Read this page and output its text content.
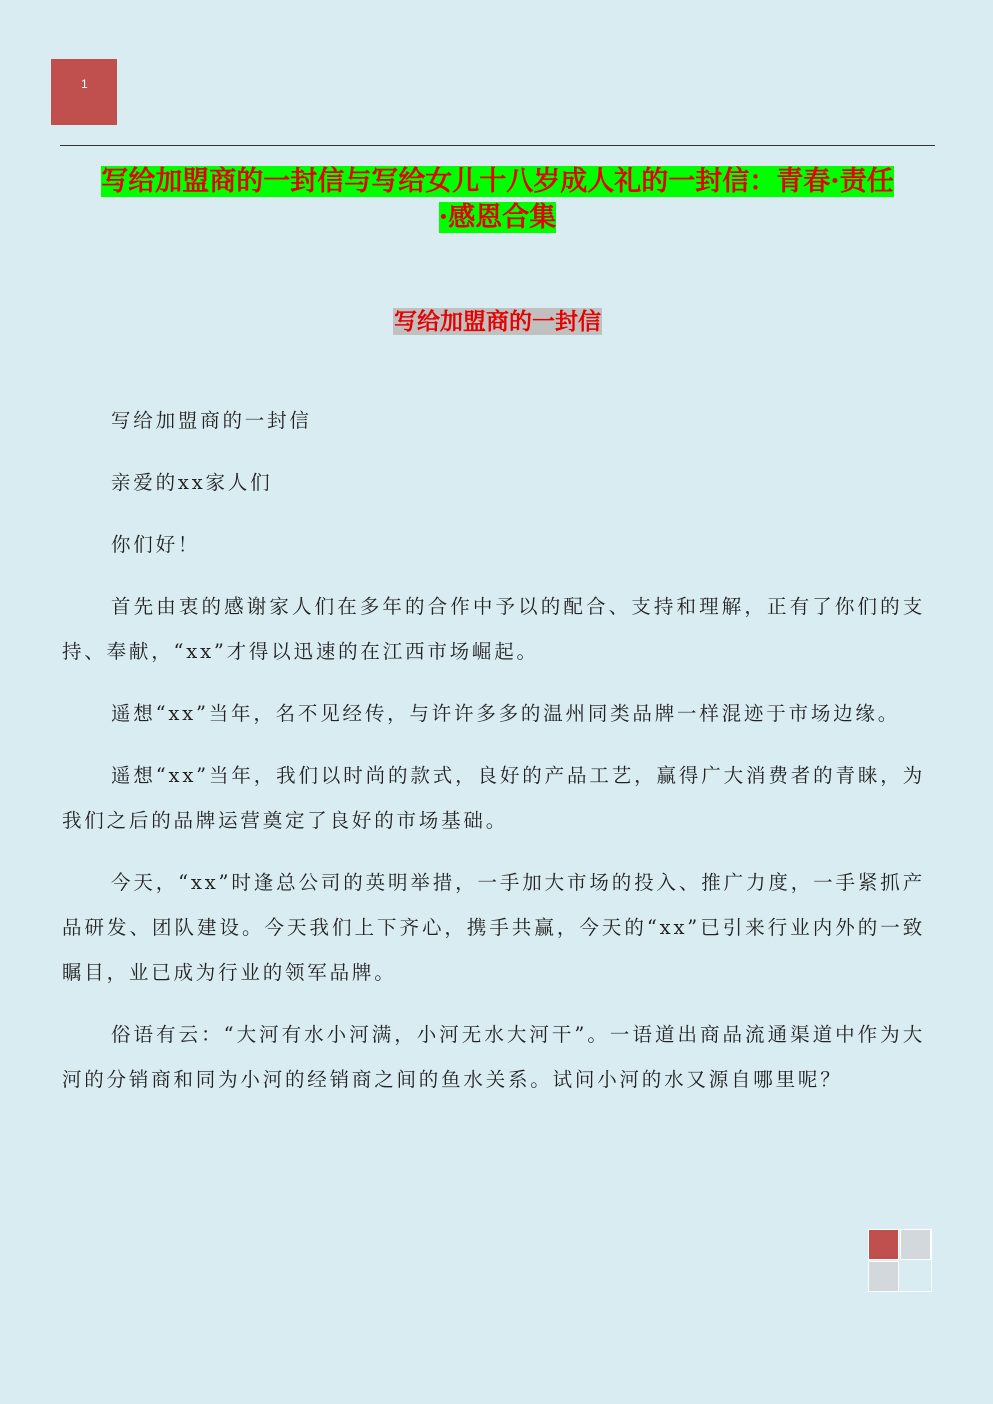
1
写给加盟商的一封信与写给女儿十八岁成人礼的一封信：青春·责任
·感恩合集
写给加盟商的一封信

写给加盟商的一封信

亲爱的xx家人们

你们好！

首先由衷的感谢家人们在多年的合作中予以的配合、支持和理解，正有了你们的支持、奉献，“xx”才得以迅速的在江西市场崛起。

遥想“xx”当年，名不见经传，与许许多多的温州同类品牌一样混迹于市场边缘。

遥想“xx”当年，我们以时尚的款式，良好的产品工艺，赢得广大消费者的青睐，为我们之后的品牌运营奠定了良好的市场基础。

今天，“xx”时逢总公司的英明举措，一手加大市场的投入、推广力度，一手紧抓产品研发、团队建设。今天我们上下齐心，携手共赢，今天的“xx”已引来行业内外的一致瞩目，业已成为行业的领军品牌。

俗语有云：“大河有水小河满，小河无水大河干”。一语道出商品流通渠道中作为大河的分销商和同为小河的经销商之间的鱼水关系。试问小河的水又源自哪里呢？
